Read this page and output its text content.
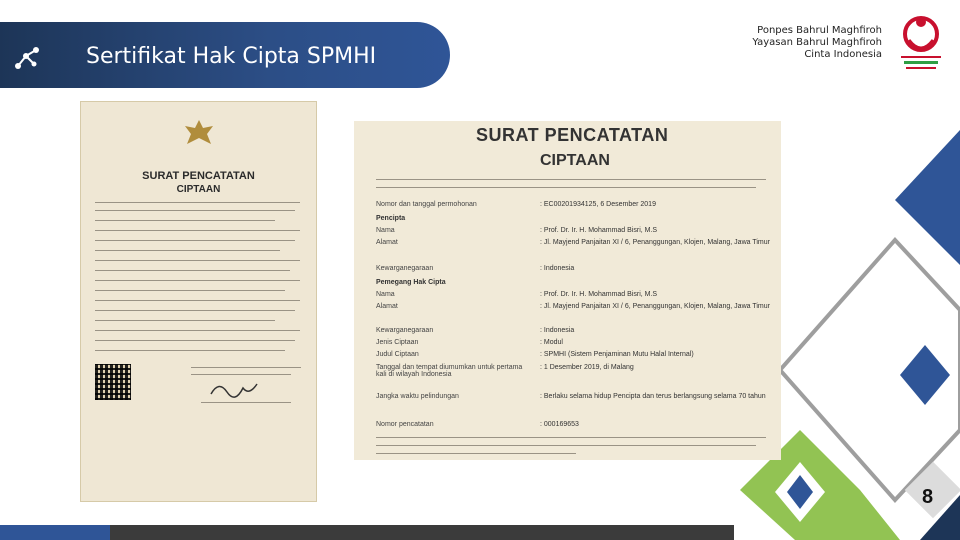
Sertifikat Hak Cipta SPMHI
Ponpes Bahrul Maghfiroh
Yayasan Bahrul Maghfiroh
Cinta Indonesia
SURAT PENCATATAN
CIPTAAN
SURAT PENCATATAN
CIPTAAN
Nomor dan tanggal permohonan	: EC00201934125, 6 Desember 2019
Pencipta
Nama	: Prof. Dr. Ir. H. Mohammad Bisri, M.S
Alamat	: Jl. Mayjend Panjaitan XI / 6, Penanggungan, Klojen, Malang, Jawa Timur
Kewarganegaraan	: Indonesia
Pemegang Hak Cipta
Nama	: Prof. Dr. Ir. H. Mohammad Bisri, M.S
Alamat	: Jl. Mayjend Panjaitan XI / 6, Penanggungan, Klojen, Malang, Jawa Timur
Kewarganegaraan	: Indonesia
Jenis Ciptaan	: Modul
Judul Ciptaan	: SPMHI (Sistem Penjaminan Mutu Halal Internal)
Tanggal dan tempat diumumkan untuk pertama kali di wilayah Indonesia
: 1 Desember 2019, di Malang
Jangka waktu pelindungan	: Berlaku selama hidup Pencipta dan terus berlangsung selama 70 tahun
Nomor pencatatan	: 000169653
8
